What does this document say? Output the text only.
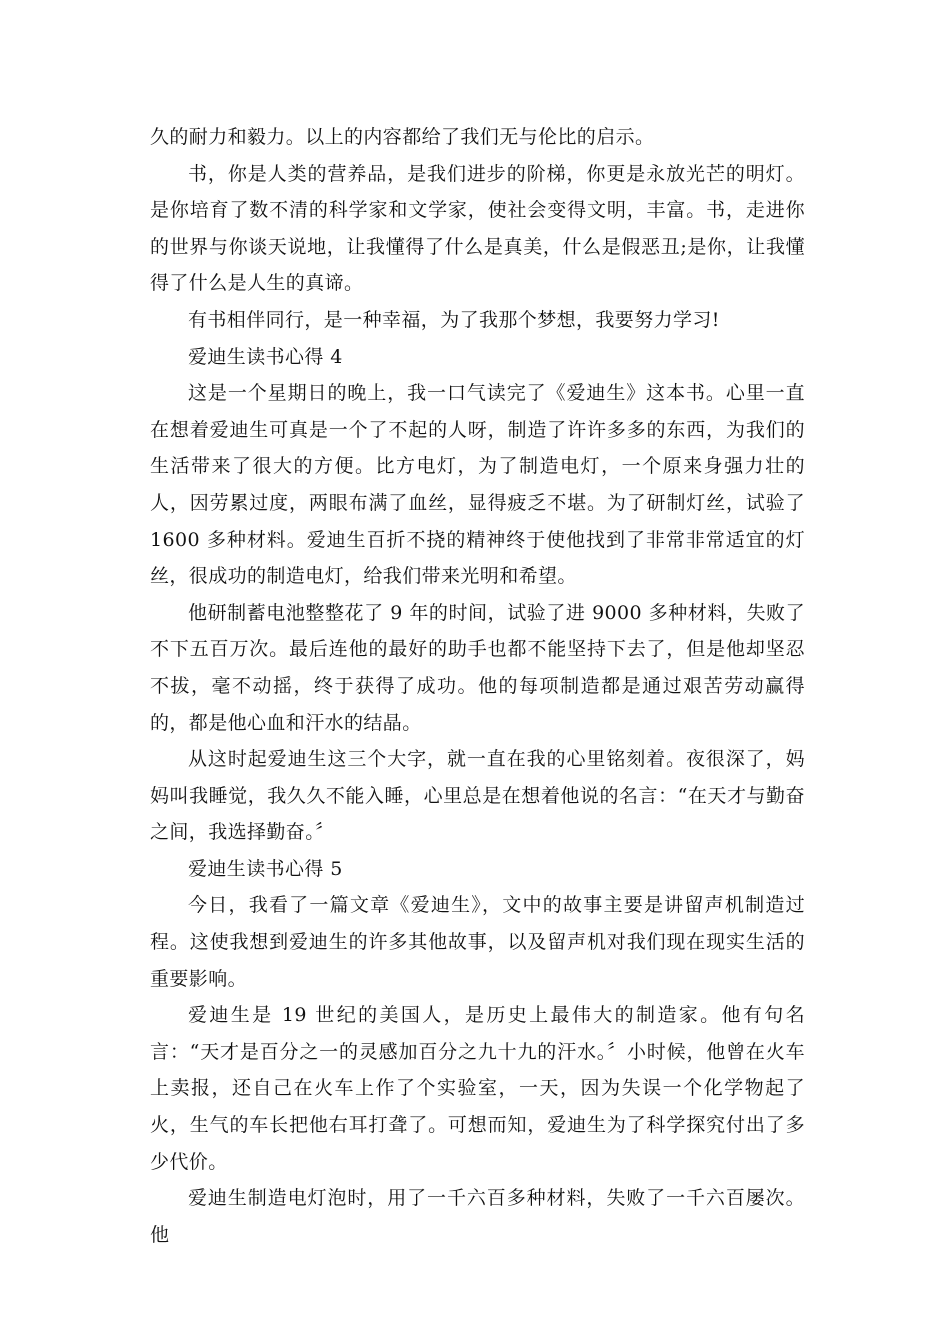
久的耐力和毅力。以上的内容都给了我们无与伦比的启示。

书，你是人类的营养品，是我们进步的阶梯，你更是永放光芒的明灯。是你培育了数不清的科学家和文学家，使社会变得文明，丰富。书，走进你的世界与你谈天说地，让我懂得了什么是真美，什么是假恶丑;是你，让我懂得了什么是人生的真谛。

有书相伴同行，是一种幸福，为了我那个梦想，我要努力学习!

爱迪生读书心得 4

这是一个星期日的晚上，我一口气读完了《爱迪生》这本书。心里一直在想着爱迪生可真是一个了不起的人呀，制造了许许多多的东西，为我们的生活带来了很大的方便。比方电灯，为了制造电灯，一个原来身强力壮的人，因劳累过度，两眼布满了血丝，显得疲乏不堪。为了研制灯丝，试验了 1600 多种材料。爱迪生百折不挠的精神终于使他找到了非常非常适宜的灯丝，很成功的制造电灯，给我们带来光明和希望。

他研制蓄电池整整花了 9 年的时间，试验了进 9000 多种材料，失败了不下五百万次。最后连他的最好的助手也都不能坚持下去了，但是他却坚忍不拔，毫不动摇，终于获得了成功。他的每项制造都是通过艰苦劳动赢得的，都是他心血和汗水的结晶。

从这时起爱迪生这三个大字，就一直在我的心里铭刻着。夜很深了，妈妈叫我睡觉，我久久不能入睡，心里总是在想着他说的名言：“在天才与勤奋之间，我选择勤奋。〞

爱迪生读书心得 5

今日，我看了一篇文章《爱迪生》，文中的故事主要是讲留声机制造过程。这使我想到爱迪生的许多其他故事，以及留声机对我们现在现实生活的重要影响。

爱迪生是 19 世纪的美国人，是历史上最伟大的制造家。他有句名言：“天才是百分之一的灵感加百分之九十九的汗水。〞小时候，他曾在火车上卖报，还自己在火车上作了个实验室，一天，因为失误一个化学物起了火，生气的车长把他右耳打聋了。可想而知，爱迪生为了科学探究付出了多少代价。

爱迪生制造电灯泡时，用了一千六百多种材料，失败了一千六百屡次。他
